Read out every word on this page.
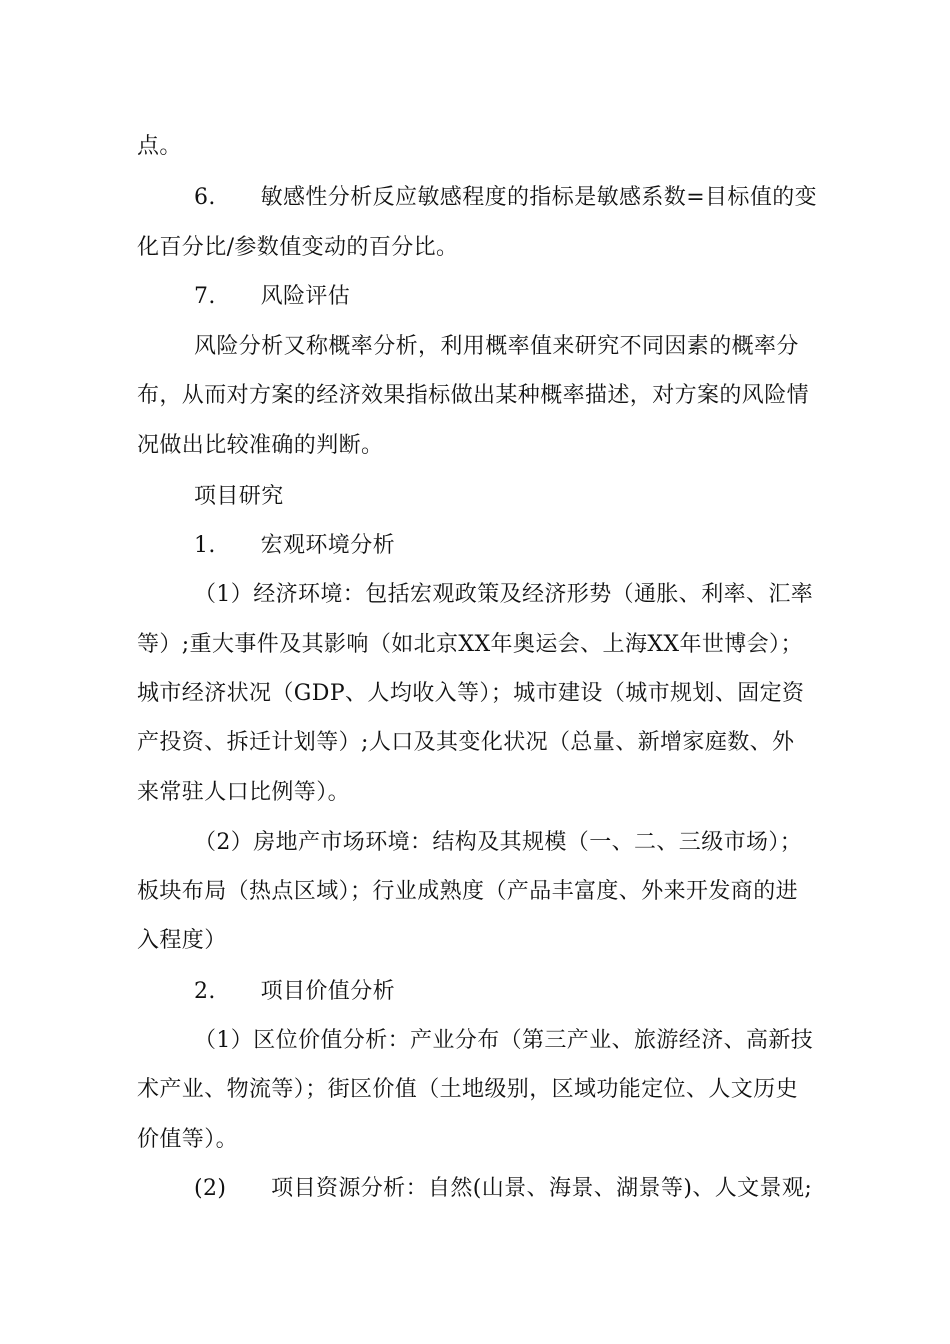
点。
6.　　敏感性分析反应敏感程度的指标是敏感系数=目标值的变
化百分比/参数值变动的百分比。
7.　　风险评估
风险分析又称概率分析，利用概率值来研究不同因素的概率分
布，从而对方案的经济效果指标做出某种概率描述，对方案的风险情
况做出比较准确的判断。
项目研究
1.　　宏观环境分析
（1）经济环境：包括宏观政策及经济形势（通胀、利率、汇率
等）;重大事件及其影响（如北京XX年奥运会、上海XX年世博会）；
城市经济状况（GDP、人均收入等）；城市建设（城市规划、固定资
产投资、拆迁计划等）;人口及其变化状况（总量、新增家庭数、外
来常驻人口比例等）。
（2）房地产市场环境：结构及其规模（一、二、三级市场）；
板块布局（热点区域）；行业成熟度（产品丰富度、外来开发商的进
入程度）
2.　　项目价值分析
（1）区位价值分析：产业分布（第三产业、旅游经济、高新技
术产业、物流等）；街区价值（土地级别，区域功能定位、人文历史
价值等）。
(2)　　项目资源分析：自然(山景、海景、湖景等)、人文景观;
